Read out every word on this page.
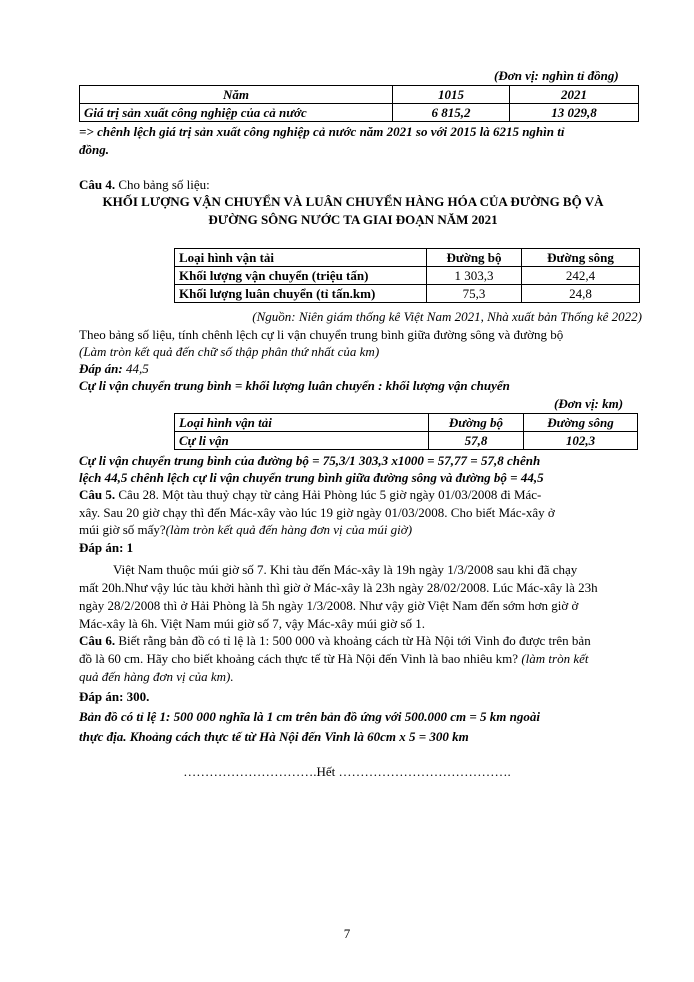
(Đơn vị: nghìn tỉ đồng)
Năm	1015	2021
Giá trị sản xuất công nghiệp của cả nước	6 815,2	13 029,8
=> chênh lệch giá trị sản xuất công nghiệp cả nước năm 2021 so với 2015 là 6215 nghìn tỉ
đồng.
Câu 4. Cho bảng số liệu:
KHỐI LƯỢNG VẬN CHUYỂN VÀ LUÂN CHUYỂN HÀNG HÓA CỦA ĐƯỜNG BỘ VÀ
ĐƯỜNG SÔNG NƯỚC TA GIAI ĐOẠN NĂM 2021
Loại hình vận tải	Đường bộ	Đường sông
Khối lượng vận chuyển (triệu tấn)	1 303,3	242,4
Khối lượng luân chuyển (tỉ tấn.km)	75,3	24,8
(Nguồn: Niên giám thống kê Việt Nam 2021, Nhà xuất bản Thống kê 2022)
Theo bảng số liệu, tính chênh lệch cự li vận chuyển trung bình giữa đường sông và đường bộ
(Làm tròn kết quả đến chữ số thập phân thứ nhất của km)
Đáp án: 44,5
Cự li vận chuyển trung bình = khối lượng luân chuyển : khối lượng vận chuyển
(Đơn vị: km)
Loại hình vận tải	Đường bộ	Đường sông
Cự li vận	57,8	102,3
Cự li vận chuyển trung bình của đường bộ = 75,3/1 303,3 x1000 = 57,77 = 57,8 chênh
lệch 44,5 chênh lệch cự li vận chuyển trung bình giữa đường sông và đường bộ = 44,5
Câu 5. Câu 28. Một tàu thuỷ chạy từ cảng Hải Phòng lúc 5 giờ ngày 01/03/2008 đi Mác-
xây. Sau 20 giờ chạy thì đến Mác-xây vào lúc 19 giờ ngày 01/03/2008. Cho biết Mác-xây ở
múi giờ số mấy?(làm tròn kết quả đến hàng đơn vị của múi giờ)
Đáp án: 1
Việt Nam thuộc múi giờ số 7. Khi tàu đến Mác-xây là 19h ngày 1/3/2008 sau khi đã chạy
mất 20h.Như vậy lúc tàu khởi hành thì giờ ở Mác-xây là 23h ngày 28/02/2008. Lúc Mác-xây là 23h
ngày 28/2/2008 thì ở Hải Phòng là 5h ngày 1/3/2008. Như vậy giờ Việt Nam đến sớm hơn giờ ở
Mác-xây là 6h. Việt Nam múi giờ số 7, vậy Mác-xây múi giờ số 1.
Câu 6. Biết rằng bản đồ có tỉ lệ là 1: 500 000 và khoảng cách từ Hà Nội tới Vinh đo được trên bản
đồ là 60 cm. Hãy cho biết khoảng cách thực tế từ Hà Nội đến Vinh là bao nhiêu km? (làm tròn kết
quả đến hàng đơn vị của km).
Đáp án: 300.
Bản đồ có tỉ lệ 1: 500 000 nghĩa là 1 cm trên bản đồ ứng với 500.000 cm = 5 km ngoài
thực địa. Khoảng cách thực tế từ Hà Nội đến Vinh là 60cm x 5 = 300 km
………………………….Hết ………………………………….
7
